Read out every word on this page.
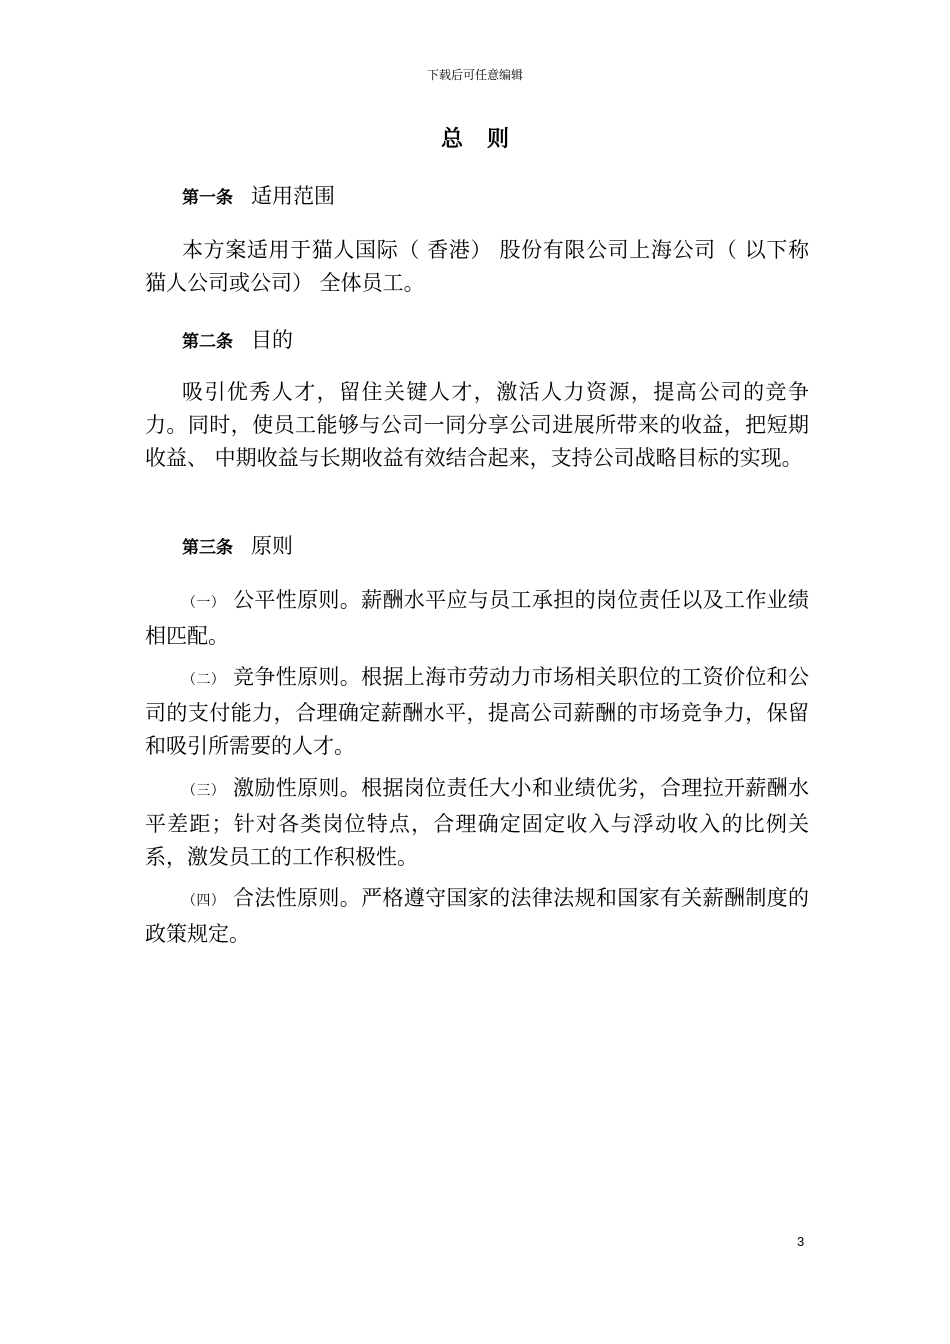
下载后可任意编辑
总则
第一条 适用范围

本方案适用于猫人国际（ 香港） 股份有限公司上海公司（ 以下称猫人公司或公司） 全体员工。

第二条 目的

吸引优秀人才，留住关键人才，激活人力资源，提高公司的竞争力。同时，使员工能够与公司一同分享公司进展所带来的收益，把短期收益、 中期收益与长期收益有效结合起来，支持公司战略目标的实现。

第三条 原则

（一） 公平性原则。薪酬水平应与员工承担的岗位责任以及工作业绩相匹配。

（二） 竞争性原则。根据上海市劳动力市场相关职位的工资价位和公司的支付能力，合理确定薪酬水平，提高公司薪酬的市场竞争力，保留和吸引所需要的人才。

（三） 激励性原则。根据岗位责任大小和业绩优劣，合理拉开薪酬水平差距；针对各类岗位特点，合理确定固定收入与浮动收入的比例关系，激发员工的工作积极性。

（四） 合法性原则。严格遵守国家的法律法规和国家有关薪酬制度的政策规定。

3
